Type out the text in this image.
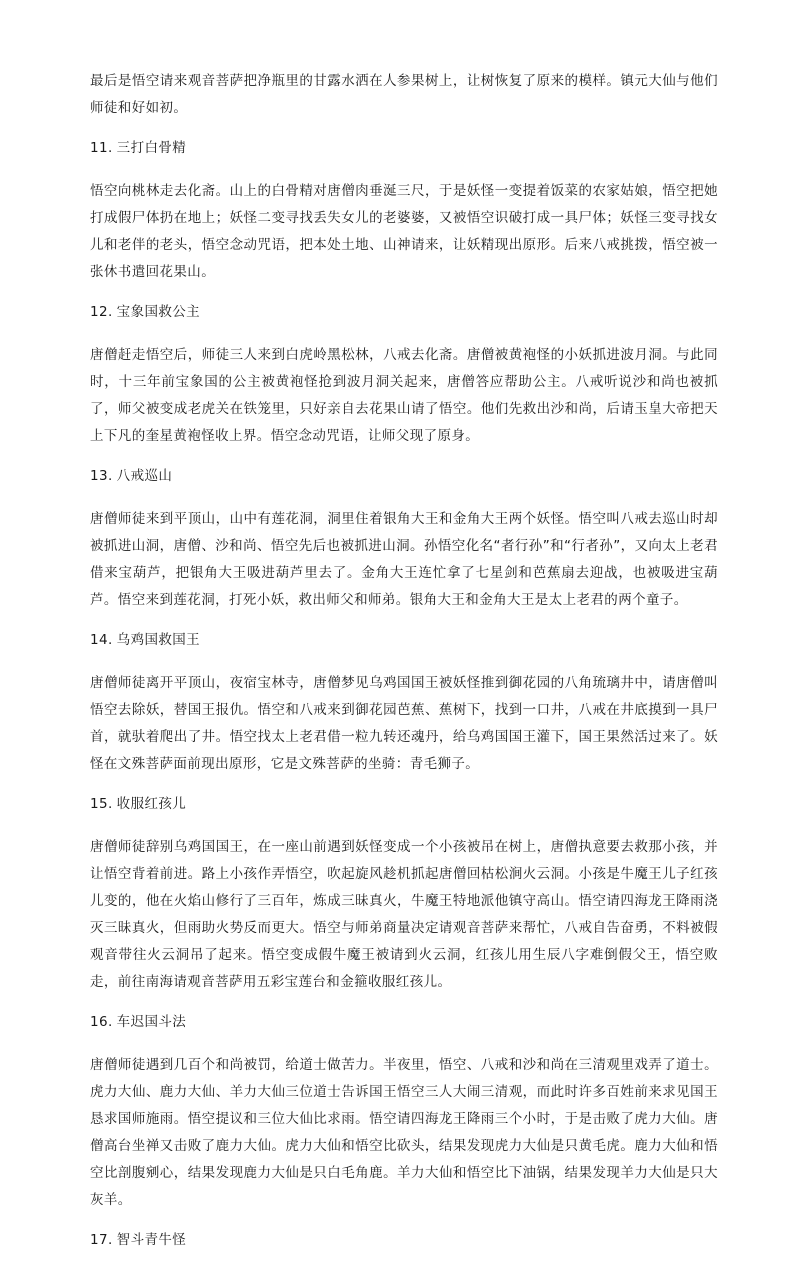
最后是悟空请来观音菩萨把净瓶里的甘露水洒在人参果树上，让树恢复了原来的模样。镇元大仙与他们师徒和好如初。

11. 三打白骨精

悟空向桃林走去化斋。山上的白骨精对唐僧肉垂涎三尺，于是妖怪一变提着饭菜的农家姑娘，悟空把她打成假尸体扔在地上；妖怪二变寻找丢失女儿的老婆婆，又被悟空识破打成一具尸体；妖怪三变寻找女儿和老伴的老头，悟空念动咒语，把本处土地、山神请来，让妖精现出原形。后来八戒挑拨，悟空被一张休书遣回花果山。

12. 宝象国救公主

唐僧赶走悟空后，师徒三人来到白虎岭黑松林，八戒去化斋。唐僧被黄袍怪的小妖抓进波月洞。与此同时，十三年前宝象国的公主被黄袍怪抢到波月洞关起来，唐僧答应帮助公主。八戒听说沙和尚也被抓了，师父被变成老虎关在铁笼里，只好亲自去花果山请了悟空。他们先救出沙和尚，后请玉皇大帝把天上下凡的奎星黄袍怪收上界。悟空念动咒语，让师父现了原身。

13. 八戒巡山

唐僧师徒来到平顶山，山中有莲花洞，洞里住着银角大王和金角大王两个妖怪。悟空叫八戒去巡山时却被抓进山洞，唐僧、沙和尚、悟空先后也被抓进山洞。孙悟空化名“者行孙”和“行者孙”，又向太上老君借来宝葫芦，把银角大王吸进葫芦里去了。金角大王连忙拿了七星剑和芭蕉扇去迎战，也被吸进宝葫芦。悟空来到莲花洞，打死小妖，救出师父和师弟。银角大王和金角大王是太上老君的两个童子。

14. 乌鸡国救国王

唐僧师徒离开平顶山，夜宿宝林寺，唐僧梦见乌鸡国国王被妖怪推到御花园的八角琉璃井中，请唐僧叫悟空去除妖，替国王报仇。悟空和八戒来到御花园芭蕉、蕉树下，找到一口井，八戒在井底摸到一具尸首，就驮着爬出了井。悟空找太上老君借一粒九转还魂丹，给乌鸡国国王灌下，国王果然活过来了。妖怪在文殊菩萨面前现出原形，它是文殊菩萨的坐骑：青毛狮子。

15. 收服红孩儿

唐僧师徒辞别乌鸡国国王，在一座山前遇到妖怪变成一个小孩被吊在树上，唐僧执意要去救那小孩，并让悟空背着前进。路上小孩作弄悟空，吹起旋风趁机抓起唐僧回枯松涧火云洞。小孩是牛魔王儿子红孩儿变的，他在火焰山修行了三百年，炼成三昧真火，牛魔王特地派他镇守高山。悟空请四海龙王降雨浇灭三昧真火，但雨助火势反而更大。悟空与师弟商量决定请观音菩萨来帮忙，八戒自告奋勇，不料被假观音带往火云洞吊了起来。悟空变成假牛魔王被请到火云洞，红孩儿用生辰八字难倒假父王，悟空败走，前往南海请观音菩萨用五彩宝莲台和金箍收服红孩儿。

16. 车迟国斗法

唐僧师徒遇到几百个和尚被罚，给道士做苦力。半夜里，悟空、八戒和沙和尚在三清观里戏弄了道士。虎力大仙、鹿力大仙、羊力大仙三位道士告诉国王悟空三人大闹三清观，而此时许多百姓前来求见国王恳求国师施雨。悟空提议和三位大仙比求雨。悟空请四海龙王降雨三个小时，于是击败了虎力大仙。唐僧高台坐禅又击败了鹿力大仙。虎力大仙和悟空比砍头，结果发现虎力大仙是只黄毛虎。鹿力大仙和悟空比剖腹剜心，结果发现鹿力大仙是只白毛角鹿。羊力大仙和悟空比下油锅，结果发现羊力大仙是只大灰羊。

17. 智斗青牛怪
